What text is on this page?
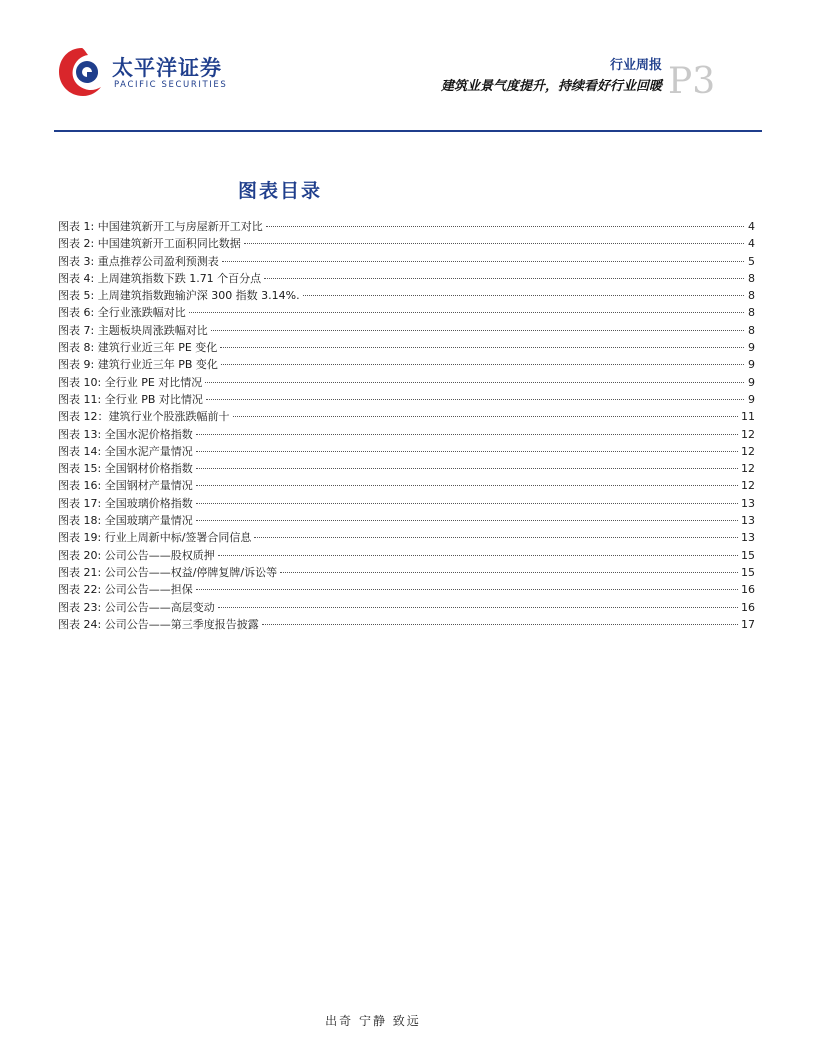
太平洋证券
PACIFIC SECURITIES
行业周报
建筑业景气度提升，持续看好行业回暖 P3
图表目录
图表 1: 中国建筑新开工与房屋新开工对比	4
图表 2: 中国建筑新开工面积同比数据	4
图表 3: 重点推荐公司盈利预测表	5
图表 4: 上周建筑指数下跌 1.71 个百分点	8
图表 5: 上周建筑指数跑输沪深 300 指数 3.14%.	8
图表 6: 全行业涨跌幅对比	8
图表 7: 主题板块周涨跌幅对比	8
图表 8: 建筑行业近三年 PE 变化	9
图表 9: 建筑行业近三年 PB 变化	9
图表 10: 全行业 PE 对比情况	9
图表 11: 全行业 PB 对比情况	9
图表 12：建筑行业个股涨跌幅前十	11
图表 13: 全国水泥价格指数	12
图表 14: 全国水泥产量情况	12
图表 15: 全国钢材价格指数	12
图表 16: 全国钢材产量情况	12
图表 17: 全国玻璃价格指数	13
图表 18: 全国玻璃产量情况	13
图表 19: 行业上周新中标/签署合同信息	13
图表 20: 公司公告——股权质押	15
图表 21: 公司公告——权益/停牌复牌/诉讼等	15
图表 22: 公司公告——担保	16
图表 23: 公司公告——高层变动	16
图表 24: 公司公告——第三季度报告披露	17
出奇 宁静 致远
